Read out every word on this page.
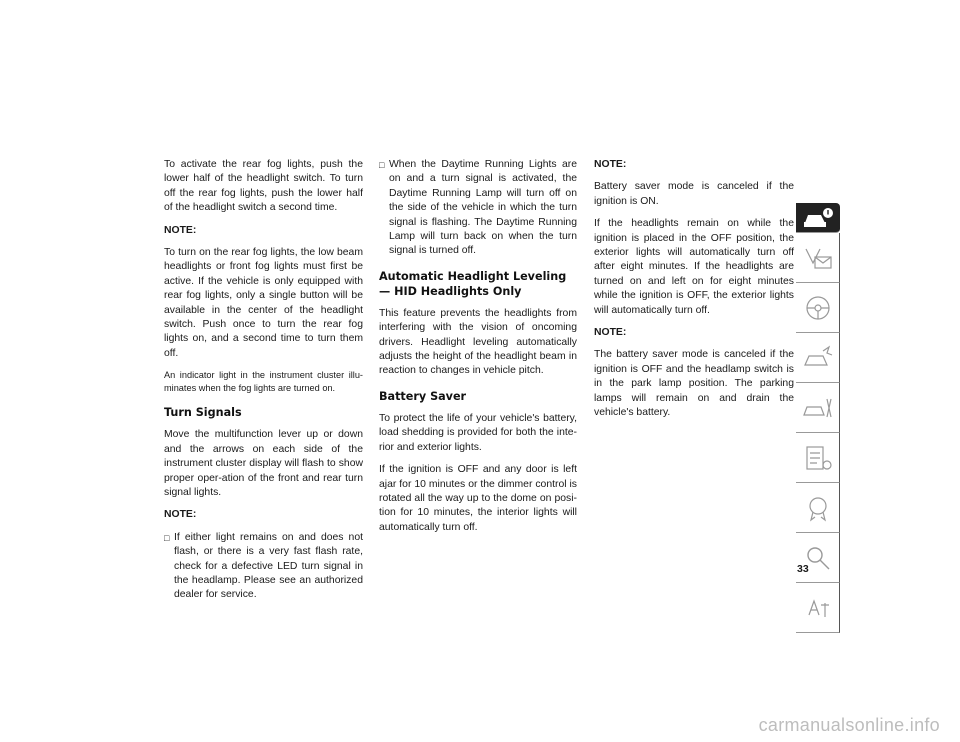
To activate the rear fog lights, push the lower half of the headlight switch. To turn off the rear fog lights, push the lower half of the headlight switch a second time.

NOTE:

To turn on the rear fog lights, the low beam headlights or front fog lights must first be active. If the vehicle is only equipped with rear fog lights, only a single button will be available in the center of the headlight switch. Push once to turn the rear fog lights on, and a second time to turn them off.

An indicator light in the instrument cluster illu-minates when the fog lights are turned on.

Turn Signals

Move the multifunction lever up or down and the arrows on each side of the instrument cluster display will flash to show proper oper-ation of the front and rear turn signal lights.

NOTE:

□ If either light remains on and does not flash, or there is a very fast flash rate, check for a defective LED turn signal in the headlamp. Please see an authorized dealer for service.
□ When the Daytime Running Lights are on and a turn signal is activated, the Daytime Running Lamp will turn off on the side of the vehicle in which the turn signal is flashing. The Daytime Running Lamp will turn back on when the turn signal is turned off.
Automatic Headlight Leveling — HID Headlights Only

This feature prevents the headlights from interfering with the vision of oncoming drivers. Headlight leveling automatically adjusts the height of the headlight beam in reaction to changes in vehicle pitch.

Battery Saver

To protect the life of your vehicle's battery, load shedding is provided for both the inte-rior and exterior lights.

If the ignition is OFF and any door is left ajar for 10 minutes or the dimmer control is rotated all the way up to the dome on posi-tion for 10 minutes, the interior lights will automatically turn off.

NOTE:

Battery saver mode is canceled if the ignition is ON.

If the headlights remain on while the ignition is placed in the OFF position, the exterior lights will automatically turn off after eight minutes. If the headlights are turned on and left on for eight minutes while the ignition is OFF, the exterior lights will automatically turn off.

NOTE:

The battery saver mode is canceled if the ignition is OFF and the headlamp switch is in the park lamp position. The parking lamps will remain on and drain the vehicle's battery.

33
carmanualsonline.info
